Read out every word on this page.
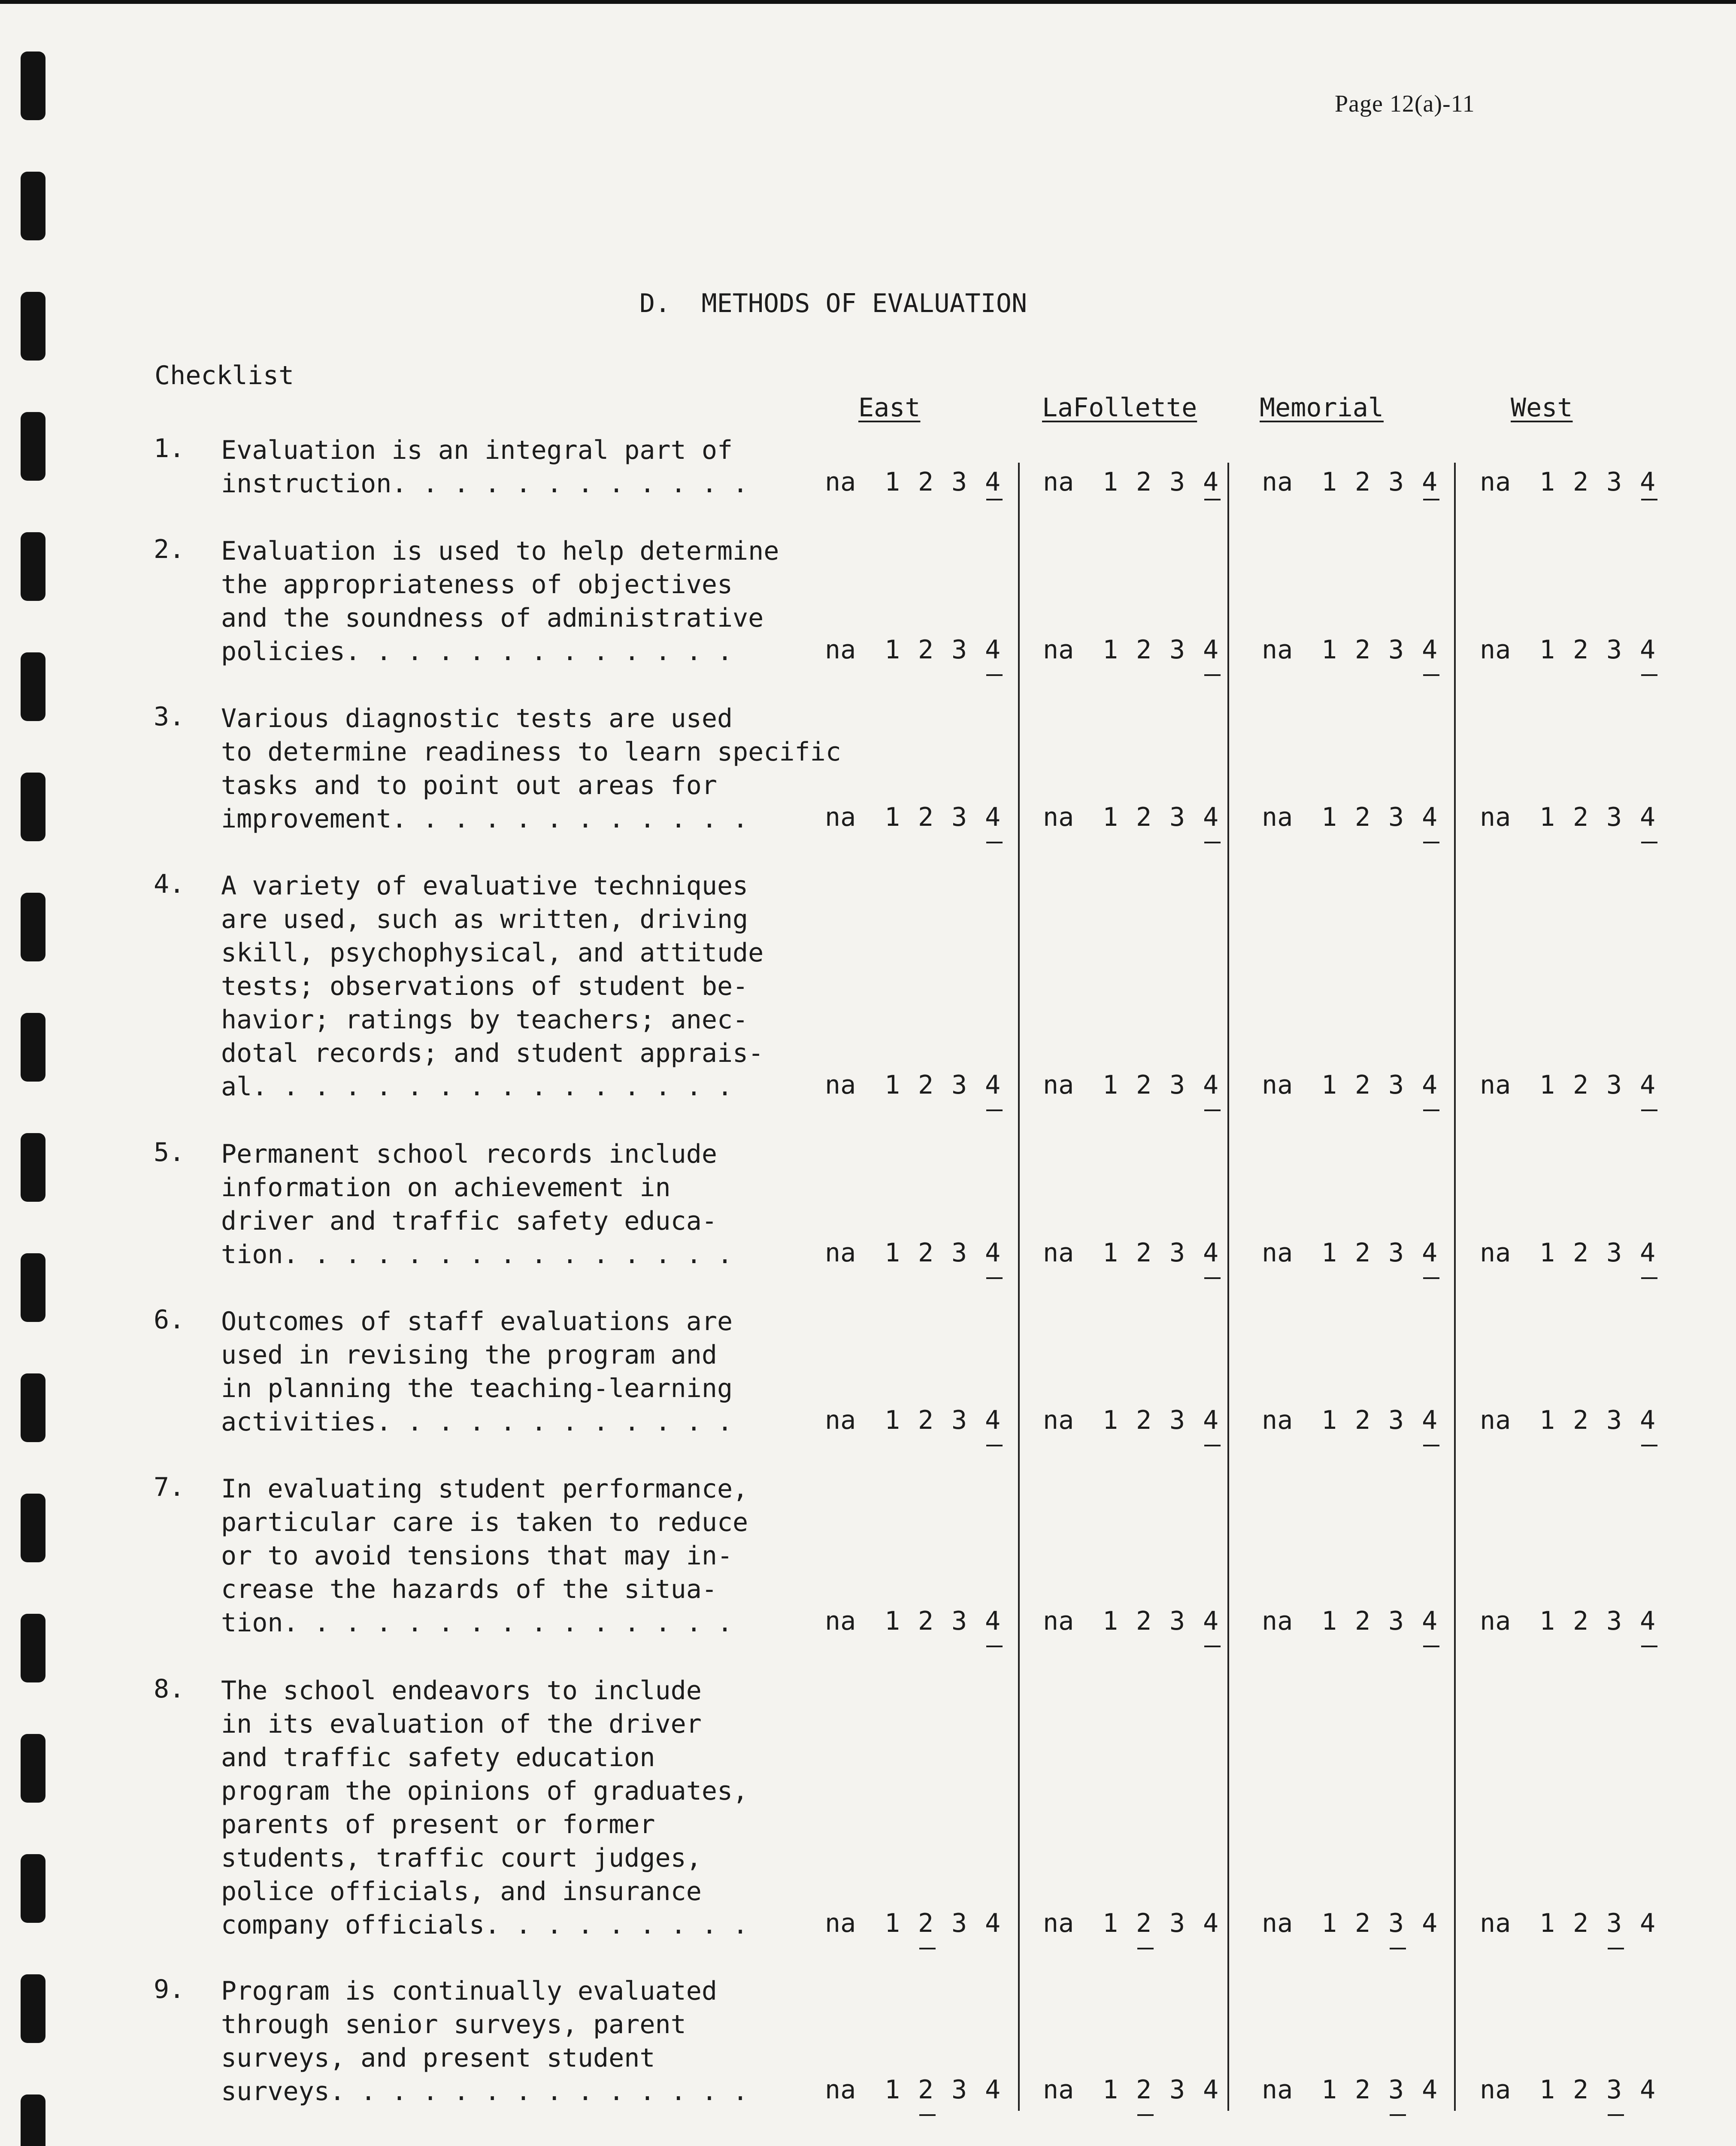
Page 12(a)-11
D.  METHODS OF EVALUATION
Checklist
East	LaFollette Memorial	West
1. Evaluation is an integral part of
instruction. . . . . . . . . . . .	na 1 2 3 4	na 1 2 3 4	na 1 2 3 4	na 1 2 3 4
2. Evaluation is used to help determine
the appropriateness of objectives
and the soundness of administrative
policies. . . . . . . . . . . . .	na 1 2 3 4	na 1 2 3 4	na 1 2 3 4	na 1 2 3 4
3. Various diagnostic tests are used
to determine readiness to learn specific
tasks and to point out areas for
improvement. . . . . . . . . . . .	na 1 2 3 4	na 1 2 3 4	na 1 2 3 4	na 1 2 3 4
4. A variety of evaluative techniques
are used, such as written, driving
skill, psychophysical, and attitude
tests; observations of student be-
havior; ratings by teachers; anec-
dotal records; and student apprais-
al. . . . . . . . . . . . . . . .	na 1 2 3 4	na 1 2 3 4	na 1 2 3 4	na 1 2 3 4
5. Permanent school records include
information on achievement in
driver and traffic safety educa-
tion. . . . . . . . . . . . . . .	na 1 2 3 4	na 1 2 3 4	na 1 2 3 4	na 1 2 3 4
6. Outcomes of staff evaluations are
used in revising the program and
in planning the teaching-learning
activities. . . . . . . . . . . .	na 1 2 3 4	na 1 2 3 4	na 1 2 3 4	na 1 2 3 4
7. In evaluating student performance,
particular care is taken to reduce
or to avoid tensions that may in-
crease the hazards of the situa-
tion. . . . . . . . . . . . . . .	na 1 2 3 4	na 1 2 3 4	na 1 2 3 4	na 1 2 3 4
8. The school endeavors to include
in its evaluation of the driver
and traffic safety education
program the opinions of graduates,
parents of present or former
students, traffic court judges,
police officials, and insurance
company officials. . . . . . . . .	na 1 2 3 4	na 1 2 3 4	na 1 2 3 4	na 1 2 3 4
9. Program is continually evaluated
through senior surveys, parent
surveys, and present student
surveys. . . . . . . . . . . . . .	na 1 2 3 4	na 1 2 3 4	na 1 2 3 4	na 1 2 3 4
